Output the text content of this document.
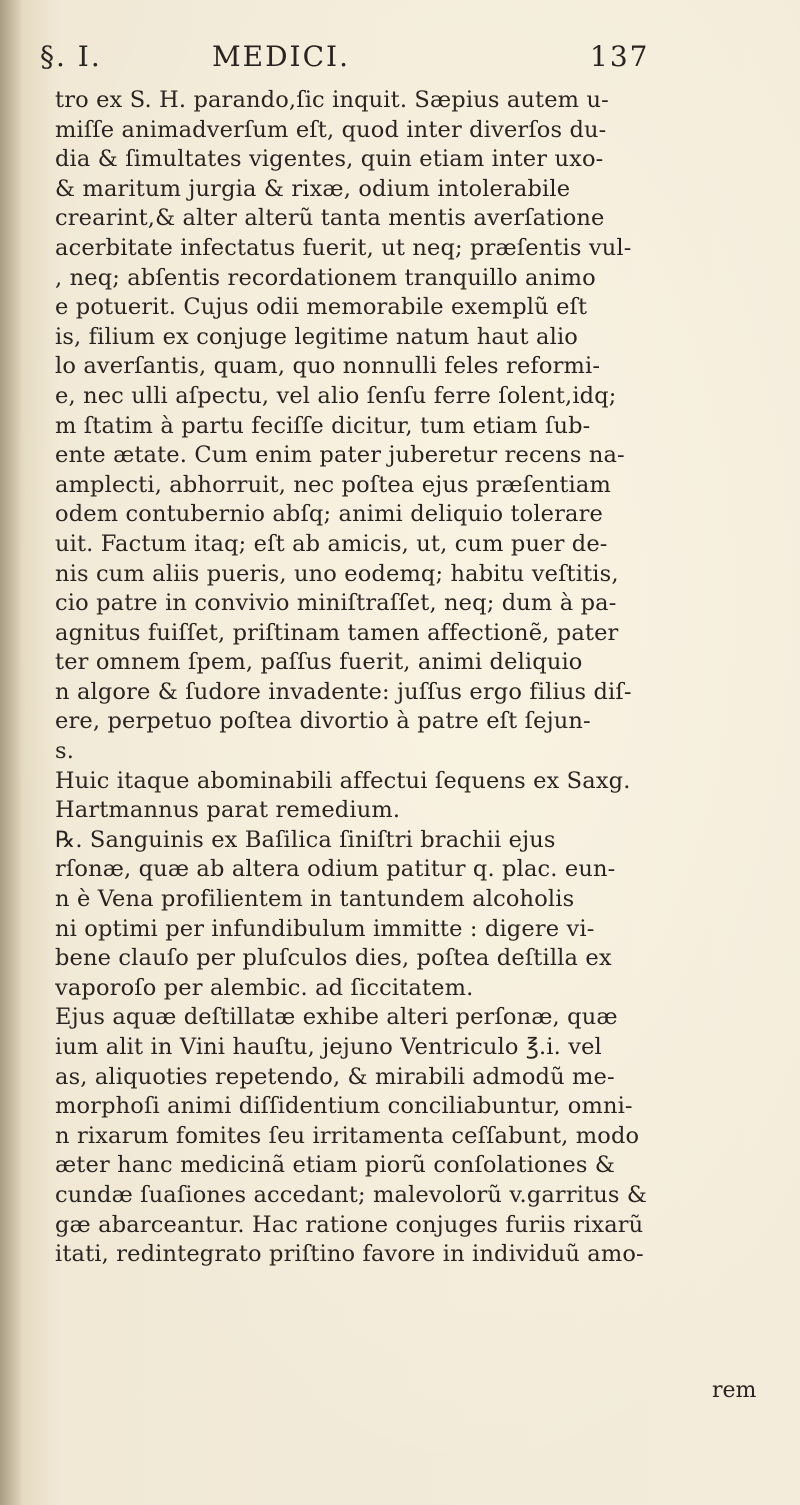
§. I.	MEDICI.	137
tro ex S. H. parando,ſic inquit. Sæpius autem u-
miſſe animadverſum eſt, quod inter diverſos du-
dia & ſimultates vigentes, quin etiam inter uxo-
& maritum jurgia & rixæ, odium intolerabile
crearint,& alter alterũ tanta mentis averſatione
acerbitate infectatus fuerit, ut neq; præſentis vul-
, neq; abſentis recordationem tranquillo animo
e potuerit. Cujus odii memorabile exemplũ eſt
is, filium ex conjuge legitime natum haut alio
lo averſantis, quam, quo nonnulli feles reformi-
e, nec ulli aſpectu, vel alio ſenſu ferre ſolent,idq;
m ſtatim à partu feciſſe dicitur, tum etiam ſub-
ente ætate. Cum enim pater juberetur recens na-
amplecti, abhorruit, nec poſtea ejus præſentiam
odem contubernio abſq; animi deliquio tolerare
uit. Factum itaq; eſt ab amicis, ut, cum puer de-
nis cum aliis pueris, uno eodemq; habitu veſtitis,
cio patre in convivio miniſtraſſet, neq; dum à pa-
agnitus fuiſſet, priſtinam tamen affectionẽ, pater
ter omnem ſpem, paſſus fuerit, animi deliquio
n algore & ſudore invadente: juſſus ergo filius diſ-
ere, perpetuo poſtea divortio à patre eſt ſejun-
s.
Huic itaque abominabili affectui ſequens ex Saxg.
Hartmannus parat remedium.
℞. Sanguinis ex Baſilica ſiniſtri brachii ejus
rſonæ, quæ ab altera odium patitur q. plac. eun-
n è Vena profilientem in tantundem alcoholis
ni optimi per infundibulum immitte : digere vi-
bene clauſo per pluſculos dies, poſtea deſtilla ex
vaporoſo per alembic. ad ſiccitatem.
Ejus aquæ deſtillatæ exhibe alteri perſonæ, quæ
ium alit in Vini hauſtu, jejuno Ventriculo ℥.i. vel
as, aliquoties repetendo, & mirabili admodũ me-
morphoſi animi diſſidentium conciliabuntur, omni-
n rixarum fomites ſeu irritamenta ceſſabunt, modo
æter hanc medicinã etiam piorũ conſolationes &
cundæ ſuaſiones accedant; malevolorũ v.garritus &
gæ abarceantur. Hac ratione conjuges furiis rixarũ
itati, redintegrato priſtino favore in individuũ amo-
rem
